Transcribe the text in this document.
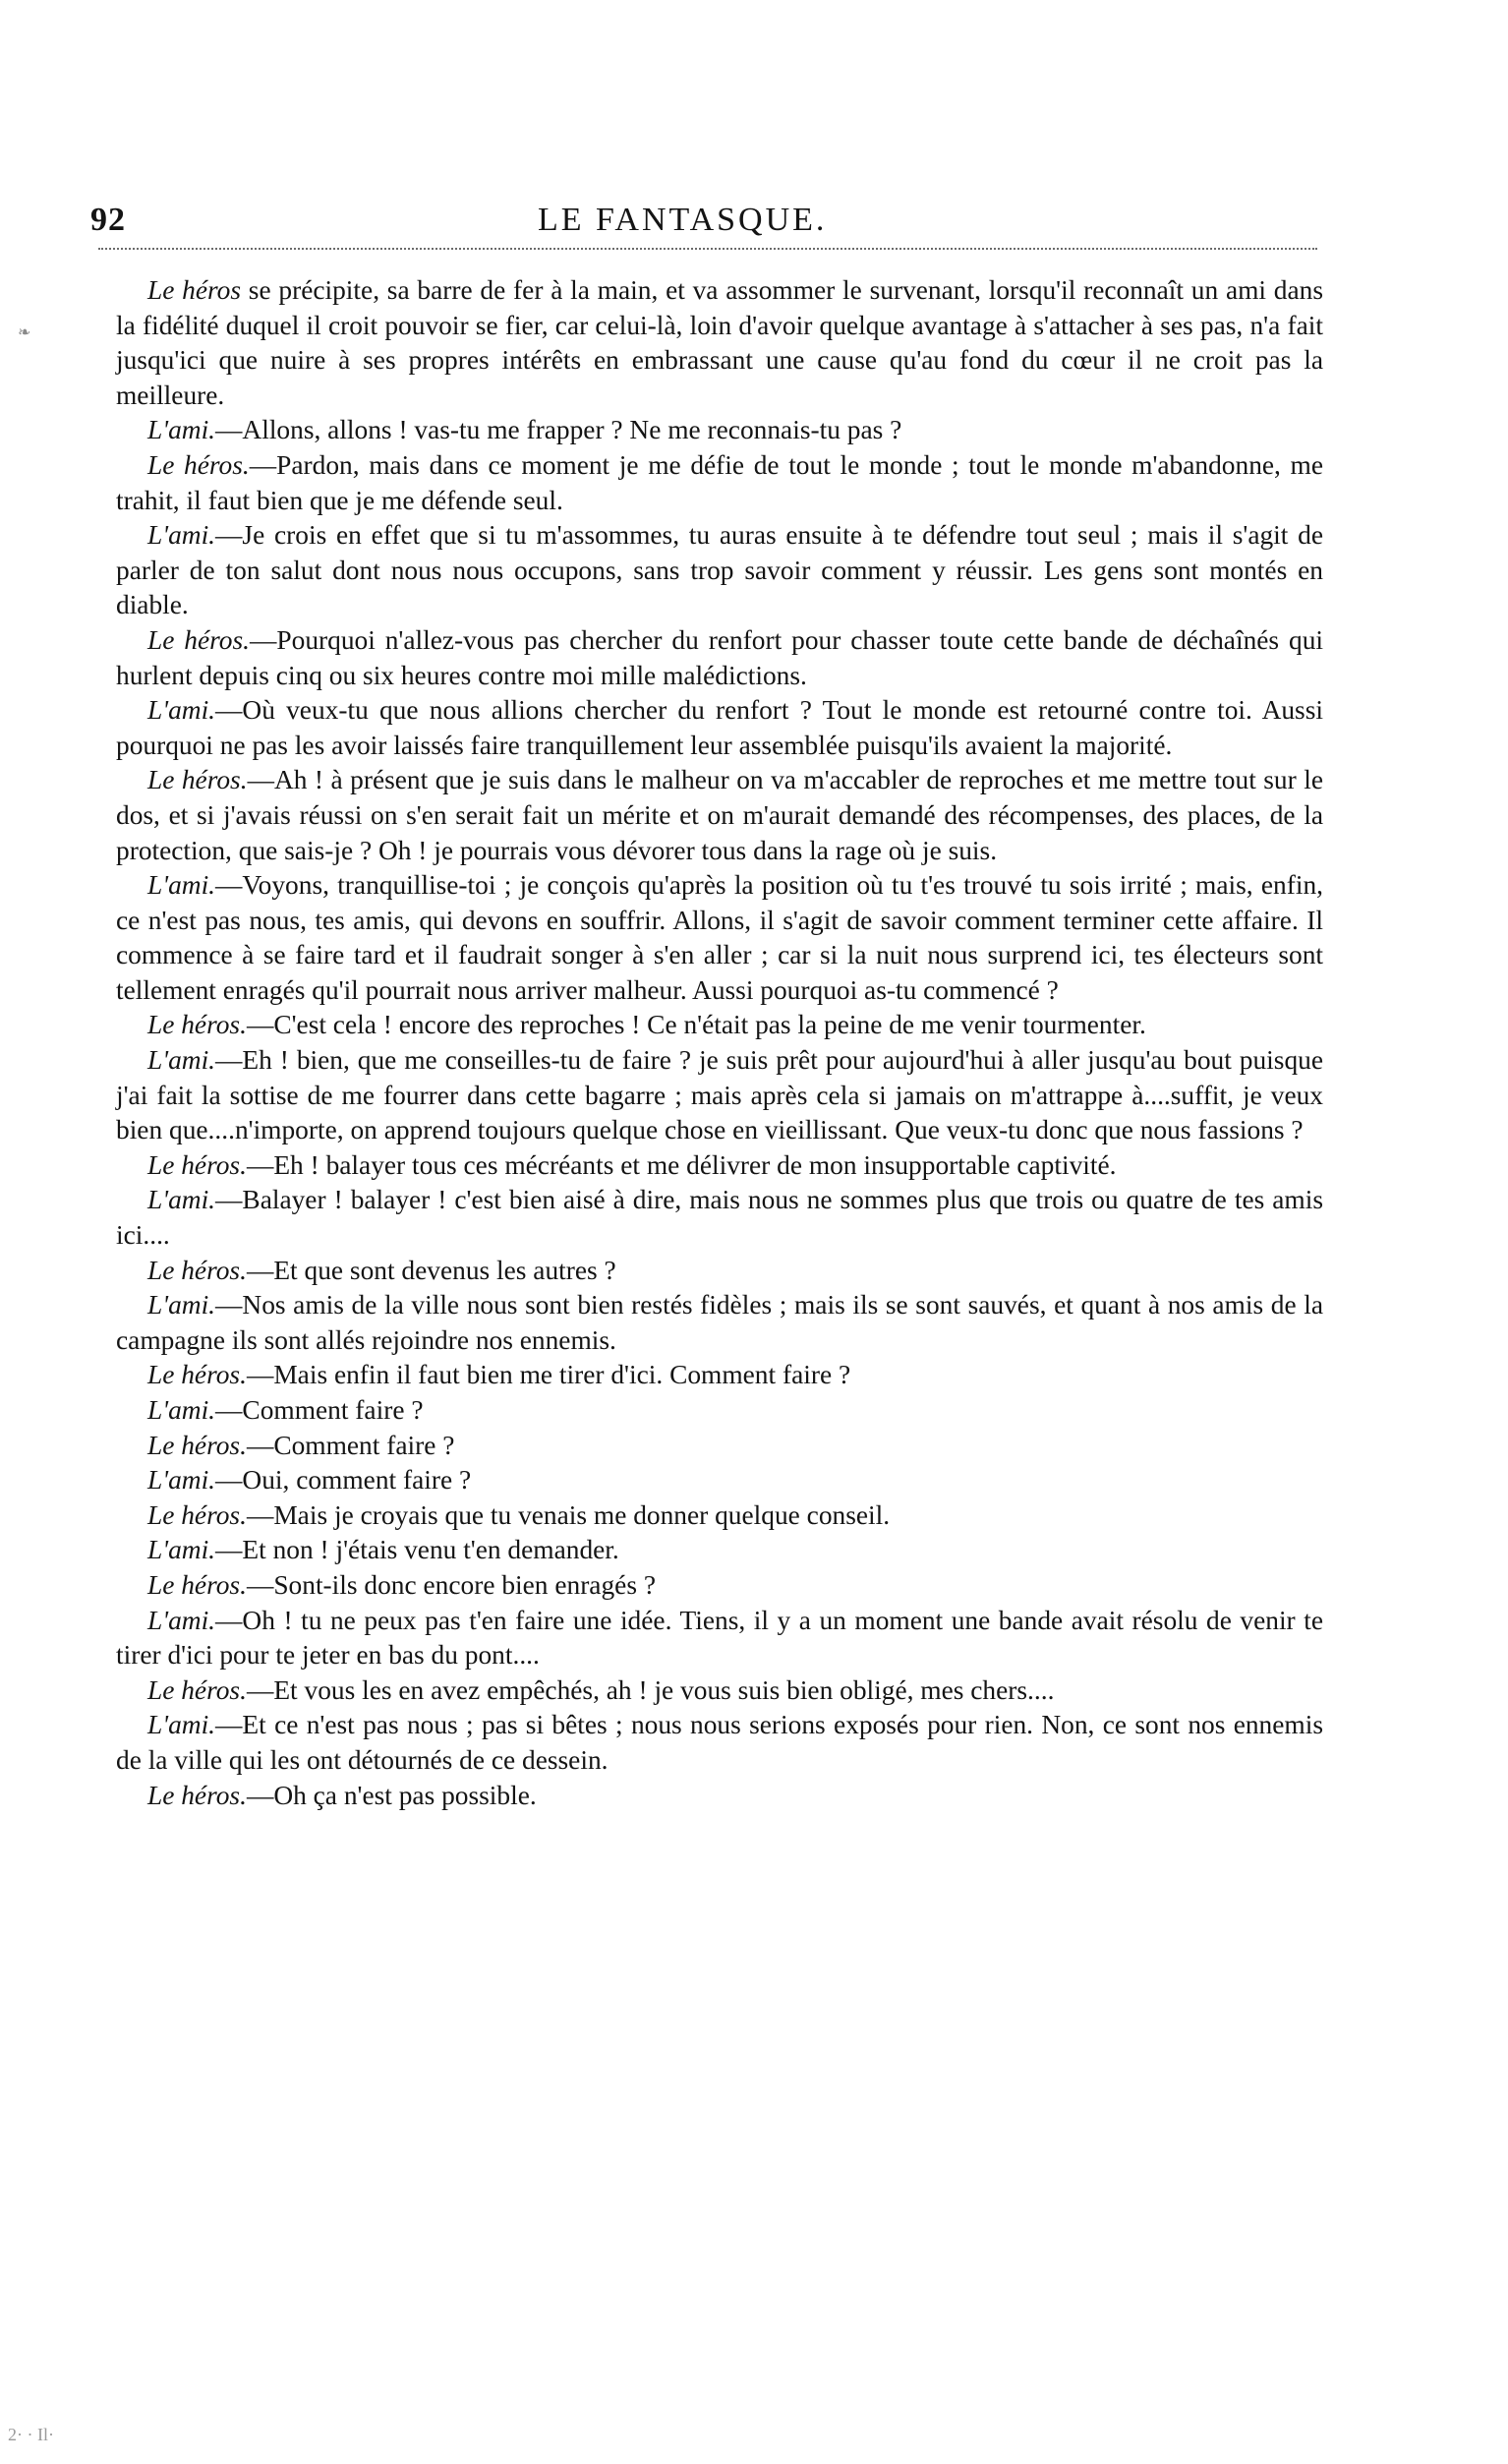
92	LE FANTASQUE.

Le héros se précipite, sa barre de fer à la main, et va assommer le survenant, lorsqu'il reconnaît un ami dans la fidélité duquel il croit pouvoir se fier, car celui-là, loin d'avoir quelque avantage à s'attacher à ses pas, n'a fait jusqu'ici que nuire à ses propres intérêts en embrassant une cause qu'au fond du cœur il ne croit pas la meilleure.

L'ami.—Allons, allons ! vas-tu me frapper ? Ne me reconnais-tu pas ?

Le héros.—Pardon, mais dans ce moment je me défie de tout le monde ; tout le monde m'abandonne, me trahit, il faut bien que je me défende seul.

L'ami.—Je crois en effet que si tu m'assommes, tu auras ensuite à te défendre tout seul ; mais il s'agit de parler de ton salut dont nous nous occupons, sans trop savoir comment y réussir. Les gens sont montés en diable.

Le héros.—Pourquoi n'allez-vous pas chercher du renfort pour chasser toute cette bande de déchaînés qui hurlent depuis cinq ou six heures contre moi mille malédictions.

L'ami.—Où veux-tu que nous allions chercher du renfort ? Tout le monde est retourné contre toi. Aussi pourquoi ne pas les avoir laissés faire tranquillement leur assemblée puisqu'ils avaient la majorité.

Le héros.—Ah ! à présent que je suis dans le malheur on va m'accabler de reproches et me mettre tout sur le dos, et si j'avais réussi on s'en serait fait un mérite et on m'aurait demandé des récompenses, des places, de la protection, que sais-je ? Oh ! je pourrais vous dévorer tous dans la rage où je suis.

L'ami.—Voyons, tranquillise-toi ; je conçois qu'après la position où tu t'es trouvé tu sois irrité ; mais, enfin, ce n'est pas nous, tes amis, qui devons en souffrir. Allons, il s'agit de savoir comment terminer cette affaire. Il commence à se faire tard et il faudrait songer à s'en aller ; car si la nuit nous surprend ici, tes électeurs sont tellement enragés qu'il pourrait nous arriver malheur. Aussi pourquoi as-tu commencé ?

Le héros.—C'est cela ! encore des reproches ! Ce n'était pas la peine de me venir tourmenter.

L'ami.—Eh ! bien, que me conseilles-tu de faire ? je suis prêt pour aujourd'hui à aller jusqu'au bout puisque j'ai fait la sottise de me fourrer dans cette bagarre ; mais après cela si jamais on m'attrappe à....suffit, je veux bien que....n'importe, on apprend toujours quelque chose en vieillissant. Que veux-tu donc que nous fassions ?

Le héros.—Eh ! balayer tous ces mécréants et me délivrer de mon insupportable captivité.

L'ami.—Balayer ! balayer ! c'est bien aisé à dire, mais nous ne sommes plus que trois ou quatre de tes amis ici....

Le héros.—Et que sont devenus les autres ?

L'ami.—Nos amis de la ville nous sont bien restés fidèles ; mais ils se sont sauvés, et quant à nos amis de la campagne ils sont allés rejoindre nos ennemis.

Le héros.—Mais enfin il faut bien me tirer d'ici. Comment faire ?

L'ami.—Comment faire ?

Le héros.—Comment faire ?

L'ami.—Oui, comment faire ?

Le héros.—Mais je croyais que tu venais me donner quelque conseil.

L'ami.—Et non ! j'étais venu t'en demander.

Le héros.—Sont-ils donc encore bien enragés ?

L'ami.—Oh ! tu ne peux pas t'en faire une idée. Tiens, il y a un moment une bande avait résolu de venir te tirer d'ici pour te jeter en bas du pont....

Le héros.—Et vous les en avez empêchés, ah ! je vous suis bien obligé, mes chers....

L'ami.—Et ce n'est pas nous ; pas si bêtes ; nous nous serions exposés pour rien. Non, ce sont nos ennemis de la ville qui les ont détournés de ce dessein.

Le héros.—Oh ça n'est pas possible.

❧
2· · Il·
